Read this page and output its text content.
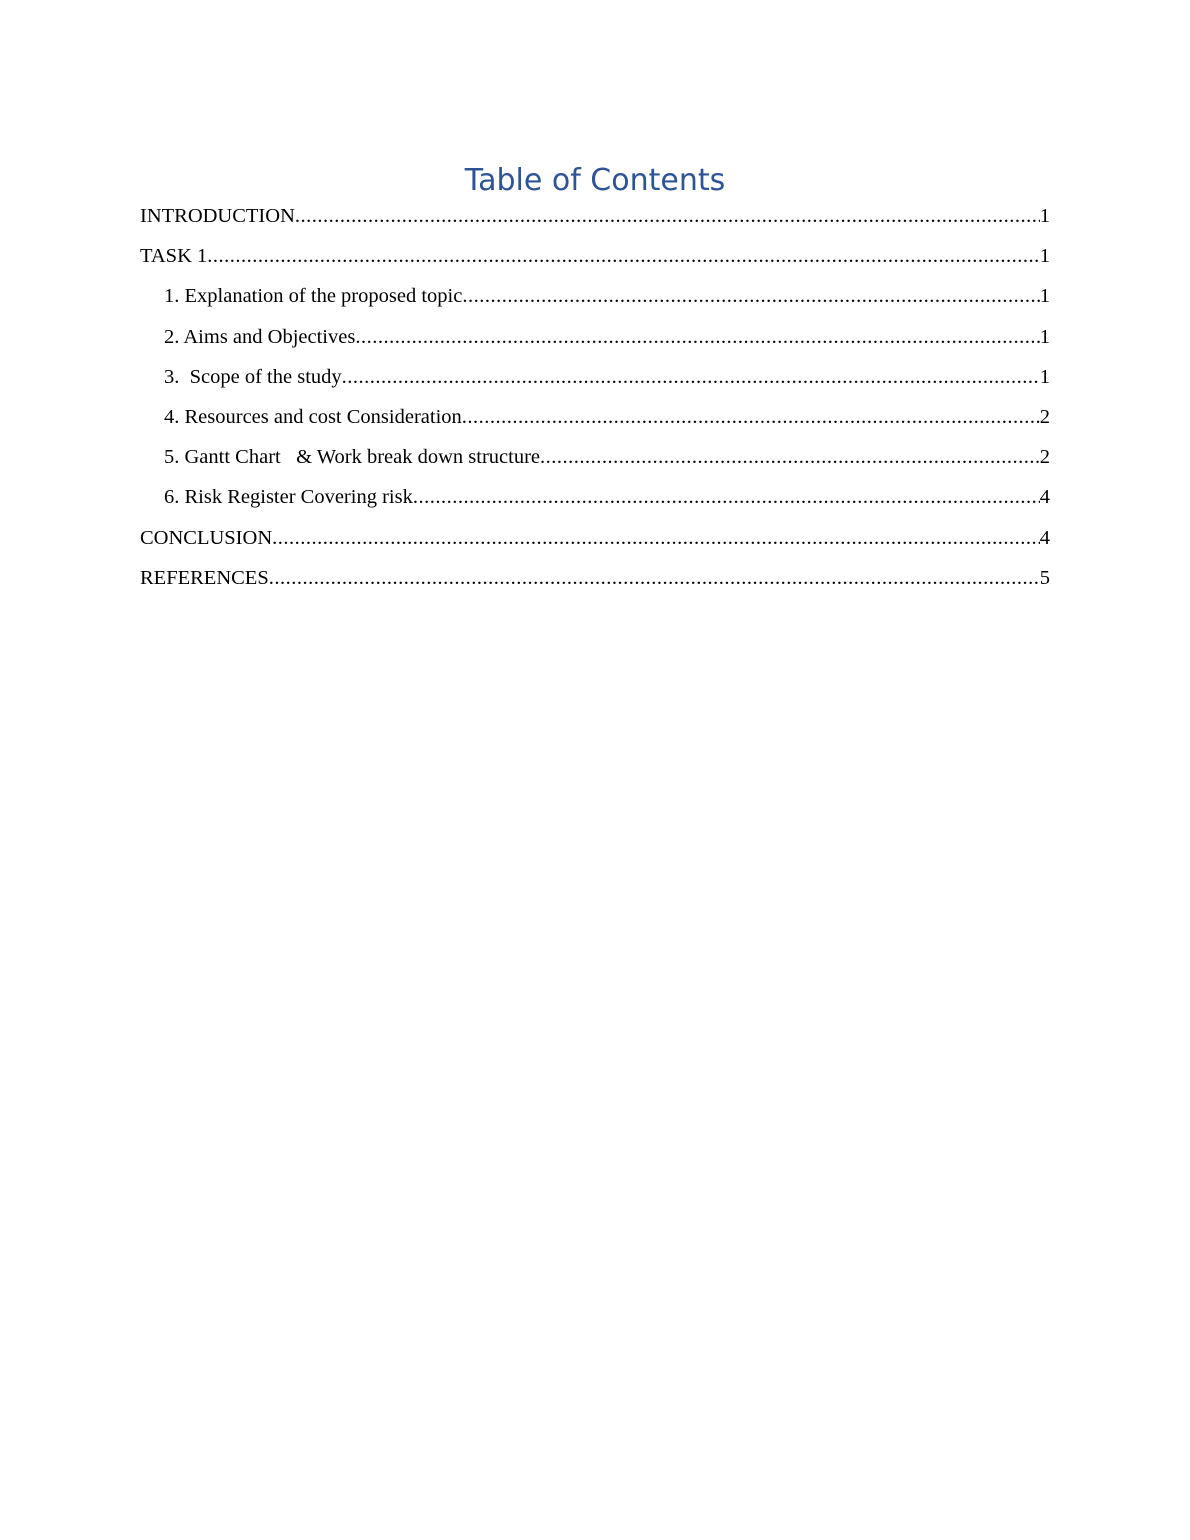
Table of Contents
INTRODUCTION .....	1
TASK 1 .....	1
1. Explanation of the proposed topic .....	1
2. Aims and Objectives .....	1
3.  Scope of the study .....	1
4. Resources and cost Consideration .....	2
5. Gantt Chart   & Work break down structure .....	2
6. Risk Register Covering risk .....	4
CONCLUSION .....	4
REFERENCES .....	5
